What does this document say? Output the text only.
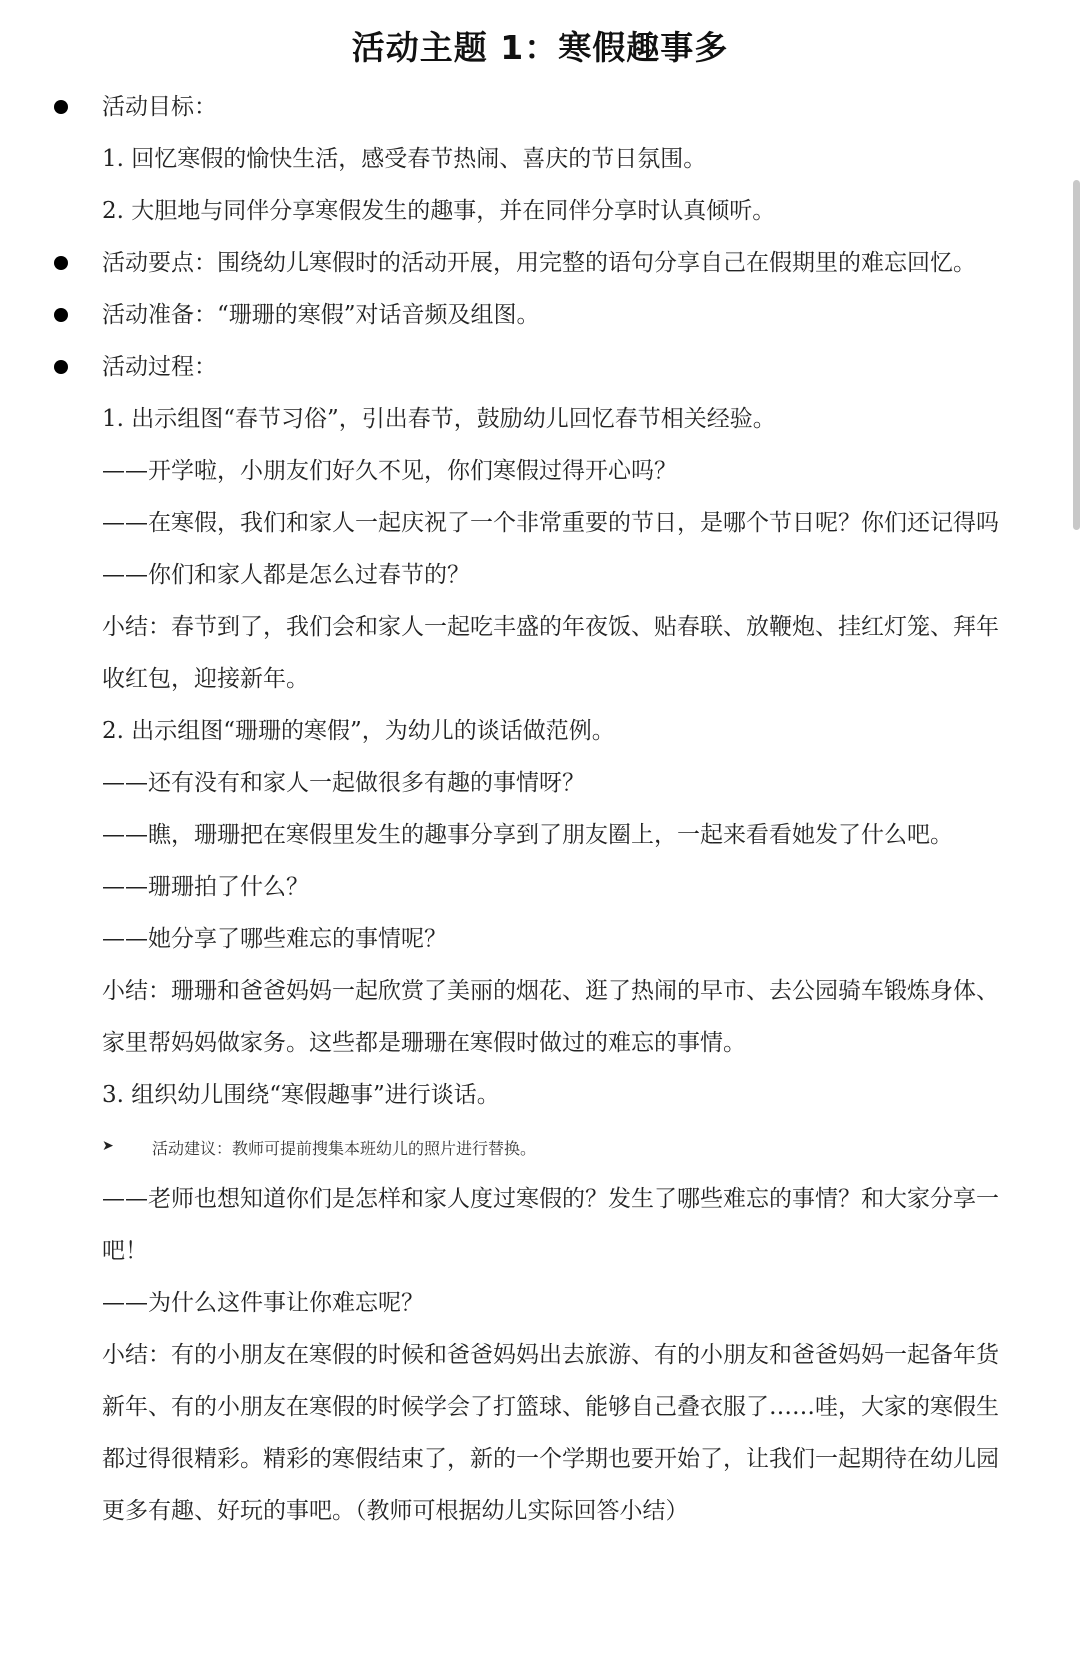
活动主题 1：寒假趣事多
活动目标：
1. 回忆寒假的愉快生活，感受春节热闹、喜庆的节日氛围。
2. 大胆地与同伴分享寒假发生的趣事，并在同伴分享时认真倾听。
活动要点：围绕幼儿寒假时的活动开展，用完整的语句分享自己在假期里的难忘回忆。
活动准备：“珊珊的寒假”对话音频及组图。
活动过程：
1. 出示组图“春节习俗”，引出春节，鼓励幼儿回忆春节相关经验。
——开学啦，小朋友们好久不见，你们寒假过得开心吗？
——在寒假，我们和家人一起庆祝了一个非常重要的节日，是哪个节日呢？你们还记得吗
——你们和家人都是怎么过春节的？
小结：春节到了，我们会和家人一起吃丰盛的年夜饭、贴春联、放鞭炮、挂红灯笼、拜年
收红包，迎接新年。
2. 出示组图“珊珊的寒假”，为幼儿的谈话做范例。
——还有没有和家人一起做很多有趣的事情呀？
——瞧，珊珊把在寒假里发生的趣事分享到了朋友圈上，一起来看看她发了什么吧。
——珊珊拍了什么？
——她分享了哪些难忘的事情呢？
小结：珊珊和爸爸妈妈一起欣赏了美丽的烟花、逛了热闹的早市、去公园骑车锻炼身体、
家里帮妈妈做家务。这些都是珊珊在寒假时做过的难忘的事情。
3. 组织幼儿围绕“寒假趣事”进行谈话。
➤ 活动建议：教师可提前搜集本班幼儿的照片进行替换。
——老师也想知道你们是怎样和家人度过寒假的？发生了哪些难忘的事情？和大家分享一
吧！
——为什么这件事让你难忘呢？
小结：有的小朋友在寒假的时候和爸爸妈妈出去旅游、有的小朋友和爸爸妈妈一起备年货
新年、有的小朋友在寒假的时候学会了打篮球、能够自己叠衣服了……哇，大家的寒假生
都过得很精彩。精彩的寒假结束了，新的一个学期也要开始了，让我们一起期待在幼儿园
更多有趣、好玩的事吧。（教师可根据幼儿实际回答小结）
